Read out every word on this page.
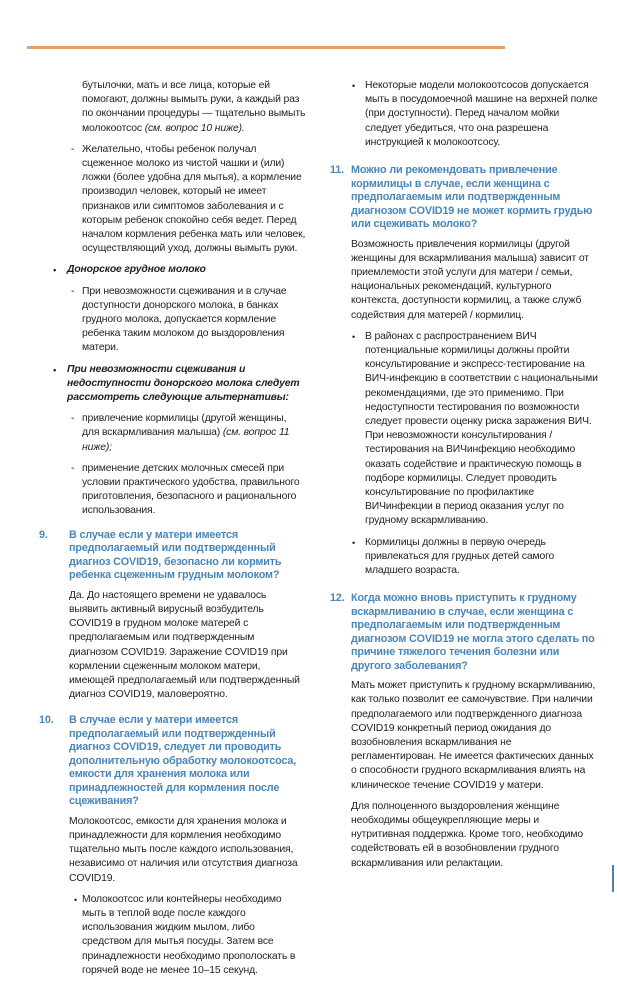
бутылочки, мать и все лица, которые ей помогают, должны вымыть руки, а каждый раз по окончании процедуры — тщательно вымыть молокоотсос (см. вопрос 10 ниже).

- Желательно, чтобы ребенок получал сцеженное молоко из чистой чашки и (или) ложки (более удобна для мытья), а кормление производил человек, который не имеет признаков или симптомов заболевания и с которым ребенок спокойно себя ведет. Перед началом кормления ребенка мать или человек, осуществляющий уход, должны вымыть руки.

• Донорское грудное молоко

- При невозможности сцеживания и в случае доступности донорского молока, в банках грудного молока, допускается кормление ребенка таким молоком до выздоровления матери.

• При невозможности сцеживания и недоступности донорского молока следует рассмотреть следующие альтернативы:

- привлечение кормилицы (другой женщины, для вскармливания малыша) (см. вопрос 11 ниже);

- применение детских молочных смесей при условии практического удобства, правильного приготовления, безопасного и рационального использования.

9. В случае если у матери имеется предполагаемый или подтвержденный диагноз COVID19, безопасно ли кормить ребенка сцеженным грудным молоком?

Да. До настоящего времени не удавалось выявить активный вирусный возбудитель COVID19 в грудном молоке матерей с предполагаемым или подтвержденным диагнозом COVID19. Заражение COVID19 при кормлении сцеженным молоком матери, имеющей предполагаемый или подтвержденный диагноз COVID19, маловероятно.

10. В случае если у матери имеется предполагаемый или подтвержденный диагноз COVID19, следует ли проводить дополнительную обработку молокоотсоса, емкости для хранения молока или принадлежностей для кормления после сцеживания?

Молокоотсос, емкости для хранения молока и принадлежности для кормления необходимо тщательно мыть после каждого использования, независимо от наличия или отсутствия диагноза COVID19.

• Молокоотсос или контейнеры необходимо мыть в теплой воде после каждого использования жидким мылом, либо средством для мытья посуды. Затем все принадлежности необходимо прополоскать в горячей воде не менее 10–15 секунд.

• Некоторые модели молокоотсосов допускается мыть в посудомоечной машине на верхней полке (при доступности). Перед началом мойки следует убедиться, что она разрешена инструкцией к молокоотсосу.

11. Можно ли рекомендовать привлечение кормилицы в случае, если женщина с предполагаемым или подтвержденным диагнозом COVID19 не может кормить грудью или сцеживать молоко?

Возможность привлечения кормилицы (другой женщины для вскармливания малыша) зависит от приемлемости этой услуги для матери / семьи, национальных рекомендаций, культурного контекста, доступности кормилиц, а также служб содействия для матерей / кормилиц.

• В районах с распространением ВИЧ потенциальные кормилицы должны пройти консультирование и экспресс-тестирование на ВИЧ-инфекцию в соответствии с национальными рекомендациями, где это применимо. При недоступности тестирования по возможности следует провести оценку риска заражения ВИЧ. При невозможности консультирования / тестирования на ВИЧинфекцию необходимо оказать содействие и практическую помощь в подборе кормилицы. Следует проводить консультирование по профилактике ВИЧинфекции в период оказания услуг по грудному вскармливанию.

• Кормилицы должны в первую очередь привлекаться для грудных детей самого младшего возраста.

12. Когда можно вновь приступить к грудному вскармливанию в случае, если женщина с предполагаемым или подтвержденным диагнозом COVID19 не могла этого сделать по причине тяжелого течения болезни или другого заболевания?

Мать может приступить к грудному вскармливанию, как только позволит ее самочувствие. При наличии предполагаемого или подтвержденного диагноза COVID19 конкретный период ожидания до возобновления вскармливания не регламентирован. Не имеется фактических данных о способности грудного вскармливания влиять на клиническое течение COVID19 у матери.

Для полноценного выздоровления женщине необходимы общеукрепляющие меры и нутритивная поддержка. Кроме того, необходимо содействовать ей в возобновлении грудного вскармливания или релактации.
